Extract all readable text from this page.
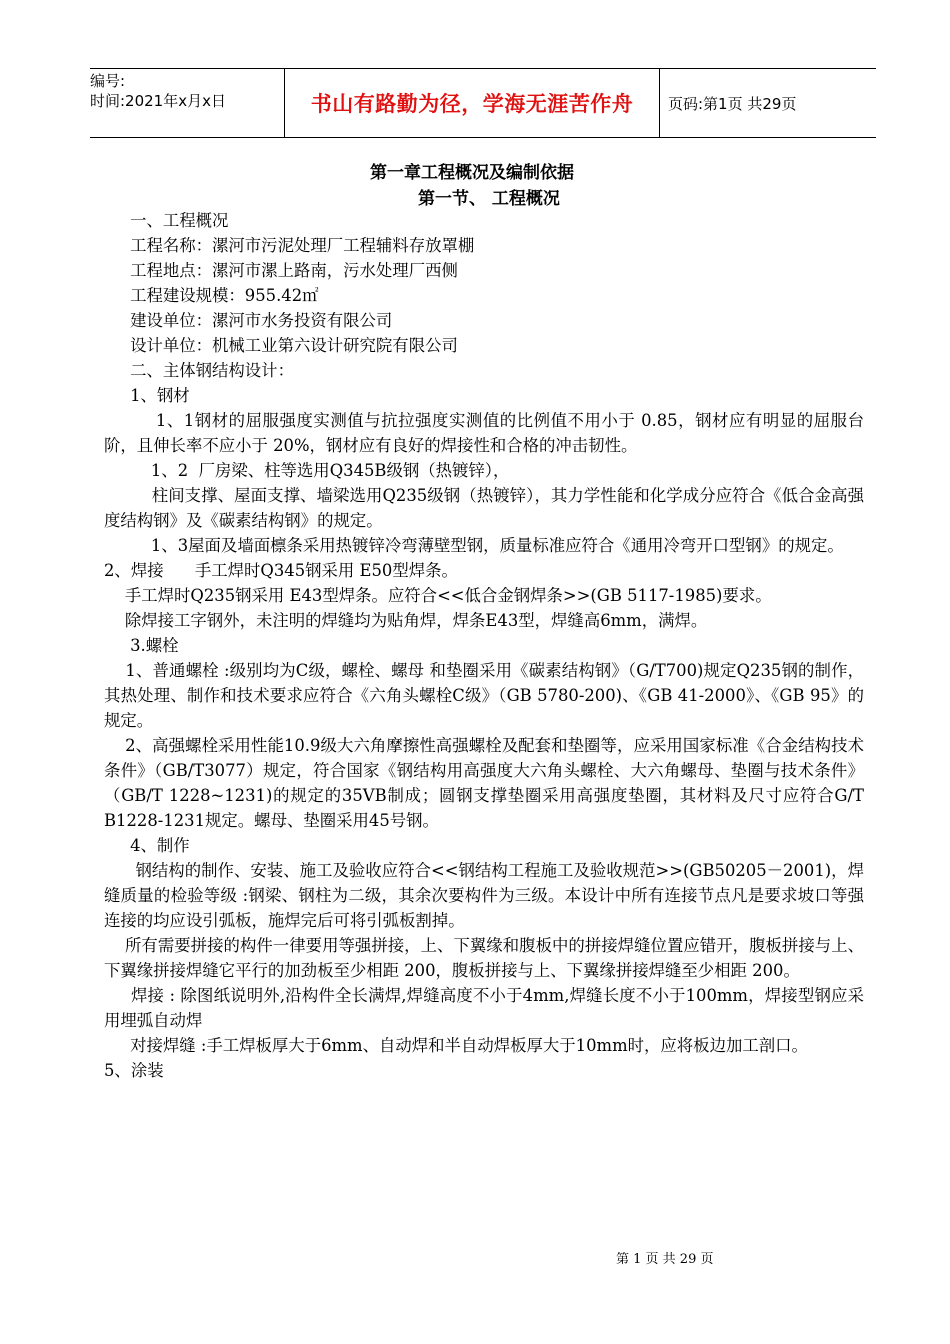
编号:
时间:2021年x月x日	书山有路勤为径，学海无涯苦作舟	页码:第1页 共29页
第一章工程概况及编制依据
第一节、 工程概况

一、工程概况

工程名称：漯河市污泥处理厂工程辅料存放罩棚

工程地点：漯河市漯上路南，污水处理厂西侧

工程建设规模：955.42㎡

建设单位：漯河市水务投资有限公司

设计单位：机械工业第六设计研究院有限公司

二、主体钢结构设计：

1、钢材

1、1钢材的屈服强度实测值与抗拉强度实测值的比例值不用小于 0.85，钢材应有明显的屈服台阶，且伸长率不应小于 20%，钢材应有良好的焊接性和合格的冲击韧性。

1、2  厂房梁、柱等选用Q345B级钢（热镀锌），

柱间支撑、屋面支撑、墙梁选用Q235级钢（热镀锌），其力学性能和化学成分应符合《低合金高强度结构钢》及《碳素结构钢》的规定。

1、3屋面及墙面檩条采用热镀锌冷弯薄壁型钢，质量标准应符合《通用冷弯开口型钢》的规定。

2、焊接      手工焊时Q345钢采用 E50型焊条。

手工焊时Q235钢采用 E43型焊条。应符合<<低合金钢焊条>>(GB 5117-1985)要求。

除焊接工字钢外，未注明的焊缝均为贴角焊，焊条E43型，焊缝高6mm，满焊。

3.螺栓

1、普通螺栓 :级别均为C级，螺栓、螺母 和垫圈采用《碳素结构钢》（G/T700)规定Q235钢的制作，其热处理、制作和技术要求应符合《六角头螺栓C级》（GB 5780-200)、《GB 41-2000》、《GB 95》的规定。

2、高强螺栓采用性能10.9级大六角摩擦性高强螺栓及配套和垫圈等，应采用国家标准《合金结构技术条件》（GB/T3077）规定，符合国家《钢结构用高强度大六角头螺栓、大六角螺母、垫圈与技术条件》（GB/T 1228~1231)的规定的35VB制成；圆钢支撑垫圈采用高强度垫圈，其材料及尺寸应符合G/T B1228-1231规定。螺母、垫圈采用45号钢。

4、制作

钢结构的制作、安装、施工及验收应符合<<钢结构工程施工及验收规范>>(GB50205－2001)，焊缝质量的检验等级 :钢梁、钢柱为二级，其余次要构件为三级。本设计中所有连接节点凡是要求坡口等强连接的均应设引弧板，施焊完后可将引弧板割掉。

所有需要拼接的构件一律要用等强拼接，上、下翼缘和腹板中的拼接焊缝位置应错开，腹板拼接与上、下翼缘拼接焊缝它平行的加劲板至少相距 200，腹板拼接与上、下翼缘拼接焊缝至少相距 200。

焊接 : 除图纸说明外,沿构件全长满焊,焊缝高度不小于4mm,焊缝长度不小于100mm，焊接型钢应采用埋弧自动焊

对接焊缝 :手工焊板厚大于6mm、自动焊和半自动焊板厚大于10mm时，应将板边加工剖口。

5、涂装

第 1 页 共 29 页
